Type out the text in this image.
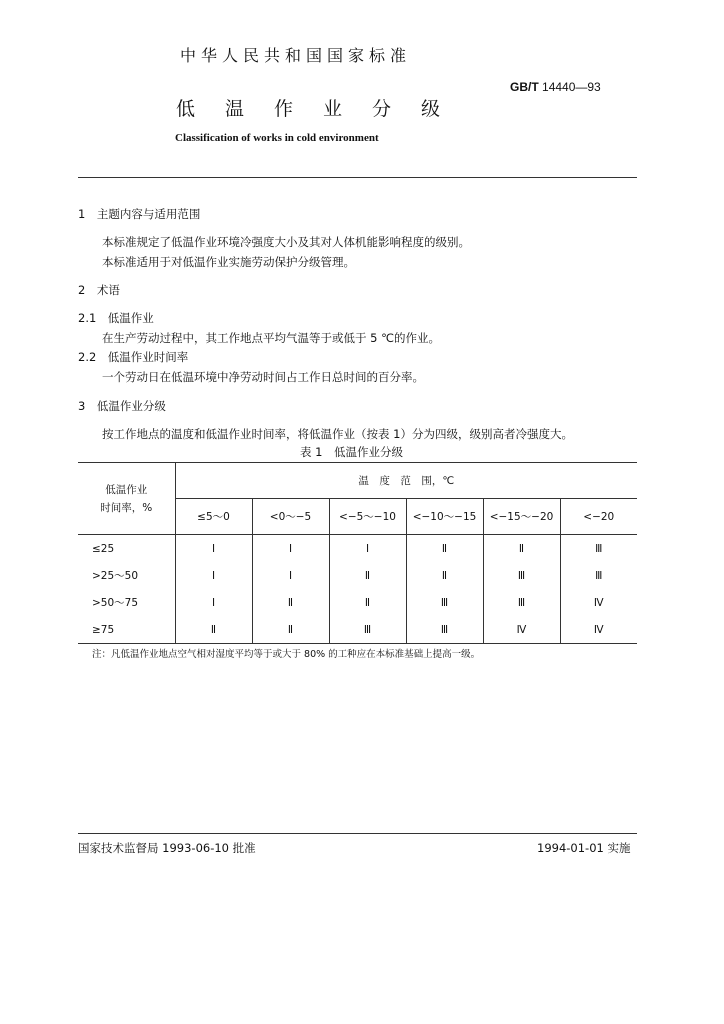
中华人民共和国国家标准
GB/T 14440—93
低温作业分级
Classification of works in cold environment
1　主题内容与适用范围
本标准规定了低温作业环境冷强度大小及其对人体机能影响程度的级别。
本标准适用于对低温作业实施劳动保护分级管理。
2　术语
2.1　低温作业
在生产劳动过程中，其工作地点平均气温等于或低于 5 ℃的作业。
2.2　低温作业时间率
一个劳动日在低温环境中净劳动时间占工作日总时间的百分率。
3　低温作业分级
按工作地点的温度和低温作业时间率，将低温作业（按表 1）分为四级，级别高者冷强度大。
表 1　低温作业分级
低温作业
时间率，%	温　度　范　围，℃					
	≤5～0	<0～−5	<−5～−10	<−10～−15	<−15～−20	<−20
≤25	Ⅰ	Ⅰ	Ⅰ	Ⅱ	Ⅱ	Ⅲ
>25～50	Ⅰ	Ⅰ	Ⅱ	Ⅱ	Ⅲ	Ⅲ
>50～75	Ⅰ	Ⅱ	Ⅱ	Ⅲ	Ⅲ	Ⅳ
≥75	Ⅱ	Ⅱ	Ⅲ	Ⅲ	Ⅳ	Ⅳ
注：凡低温作业地点空气相对湿度平均等于或大于 80% 的工种应在本标准基础上提高一级。
国家技术监督局 1993-06-10 批准	1994-01-01 实施
